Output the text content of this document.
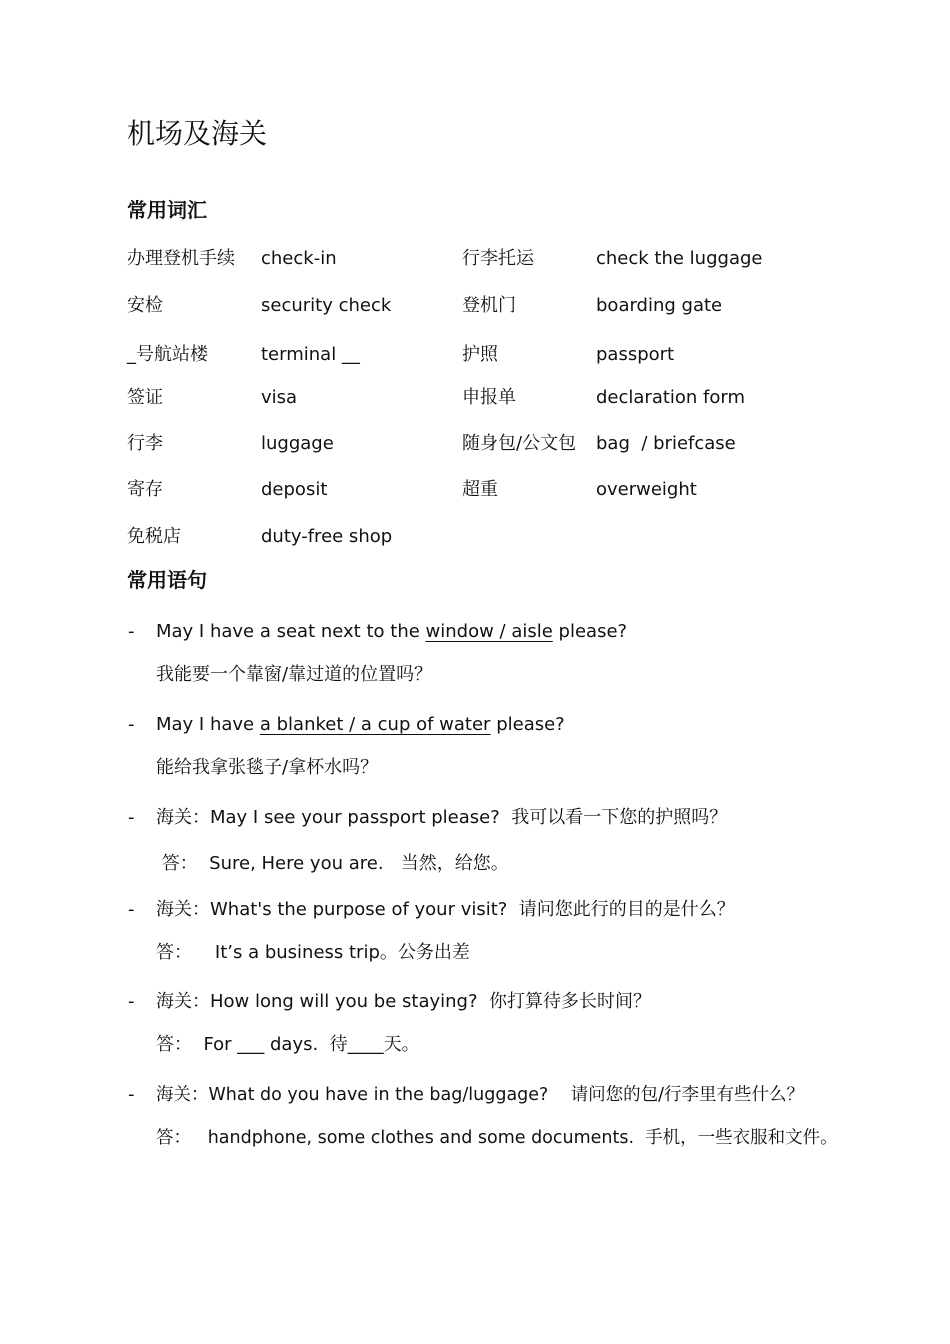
机场及海关
常用词汇
办理登机手续 check-in	行李托运	check the luggage
安检	security check	登机门	boarding gate
_号航站楼	terminal __	护照	passport
签证	visa	申报单	declaration form
行李	luggage	随身包/公文包 bag  / briefcase
寄存	deposit	超重	overweight
免税店	duty-free shop
常用语句
- May I have a seat next to the window / aisle please?
我能要一个靠窗/靠过道的位置吗？
- May I have a blanket / a cup of water please?
能给我拿张毯子/拿杯水吗？
- 海关：May I see your passport please?  我可以看一下您的护照吗？
答：  Sure, Here you are.   当然，给您。
- 海关：What's the purpose of your visit?  请问您此行的目的是什么？
答：    It’s a business trip。公务出差
- 海关：How long will you be staying?  你打算待多长时间？
答：  For ___ days.  待____天。
- 海关：What do you have in the bag/luggage?    请问您的包/行李里有些什么？
答：   handphone, some clothes and some documents.  手机，一些衣服和文件。
